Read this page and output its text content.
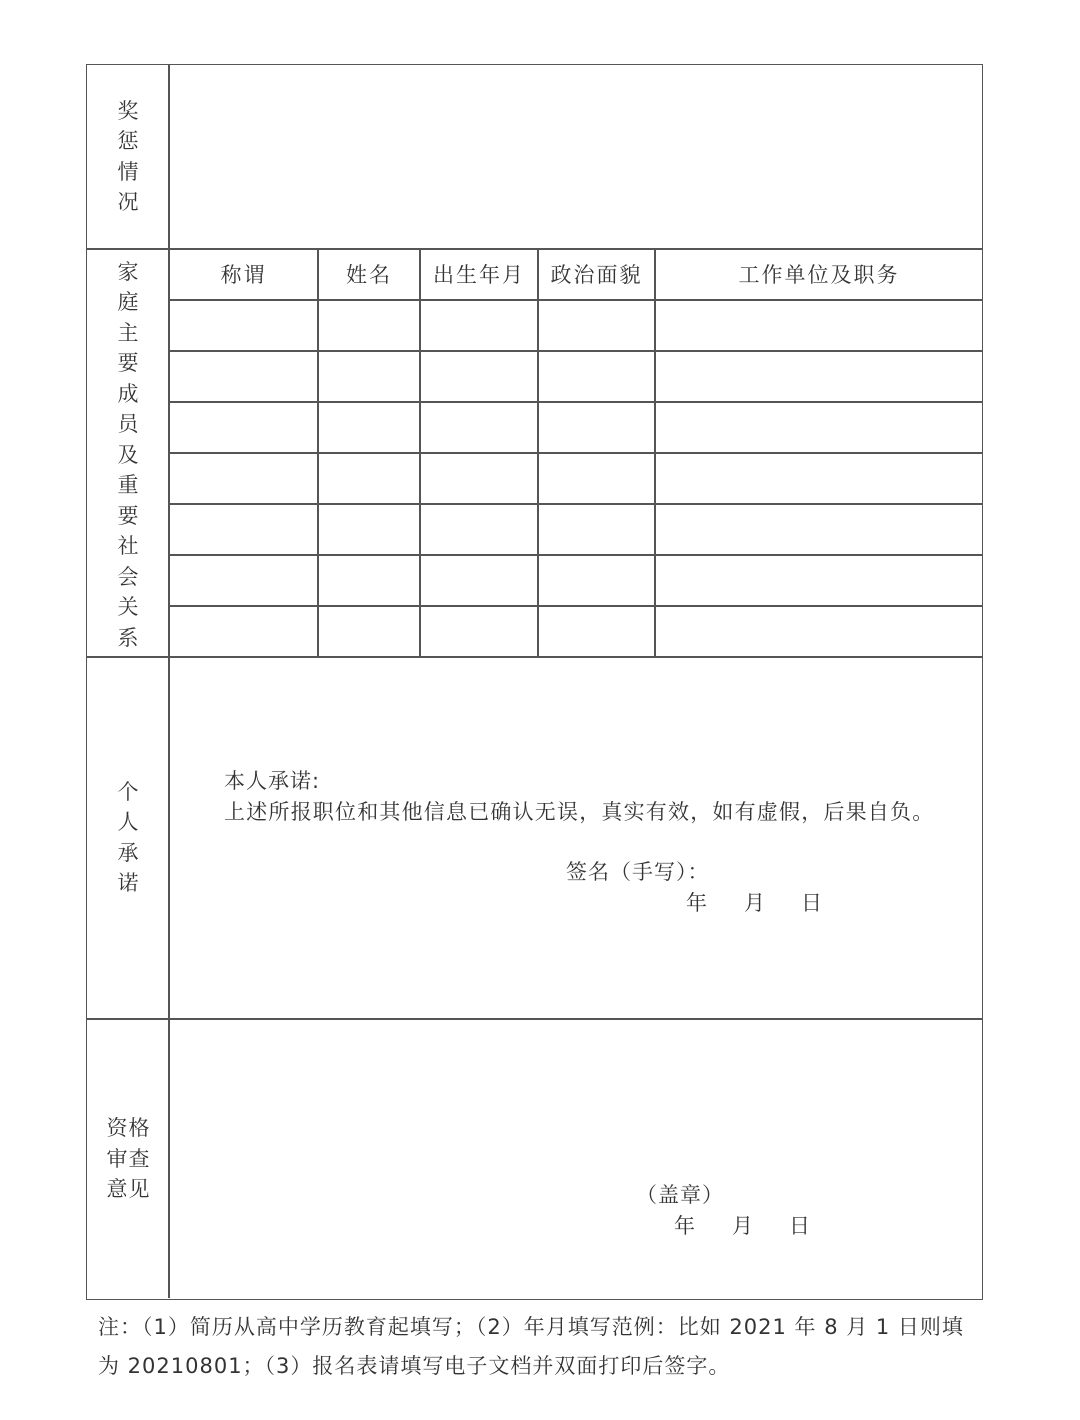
奖
惩
情
况
家
庭
主
要
成
员
及
重
要
社
会
关
系
称谓	姓名	出生年月	政治面貌	工作单位及职务
个
人
承
诺
资 格
审 查
意 见
本人承诺:
上述所报职位和其他信息已确认无误，真实有效，如有虚假，后果自负。
签名（手写）：
年 月 日
（盖章）
年 月 日
注：（1）简历从高中学历教育起填写；（2）年月填写范例：比如 2021 年 8 月 1 日则填
为 20210801；（3）报名表请填写电子文档并双面打印后签字。
